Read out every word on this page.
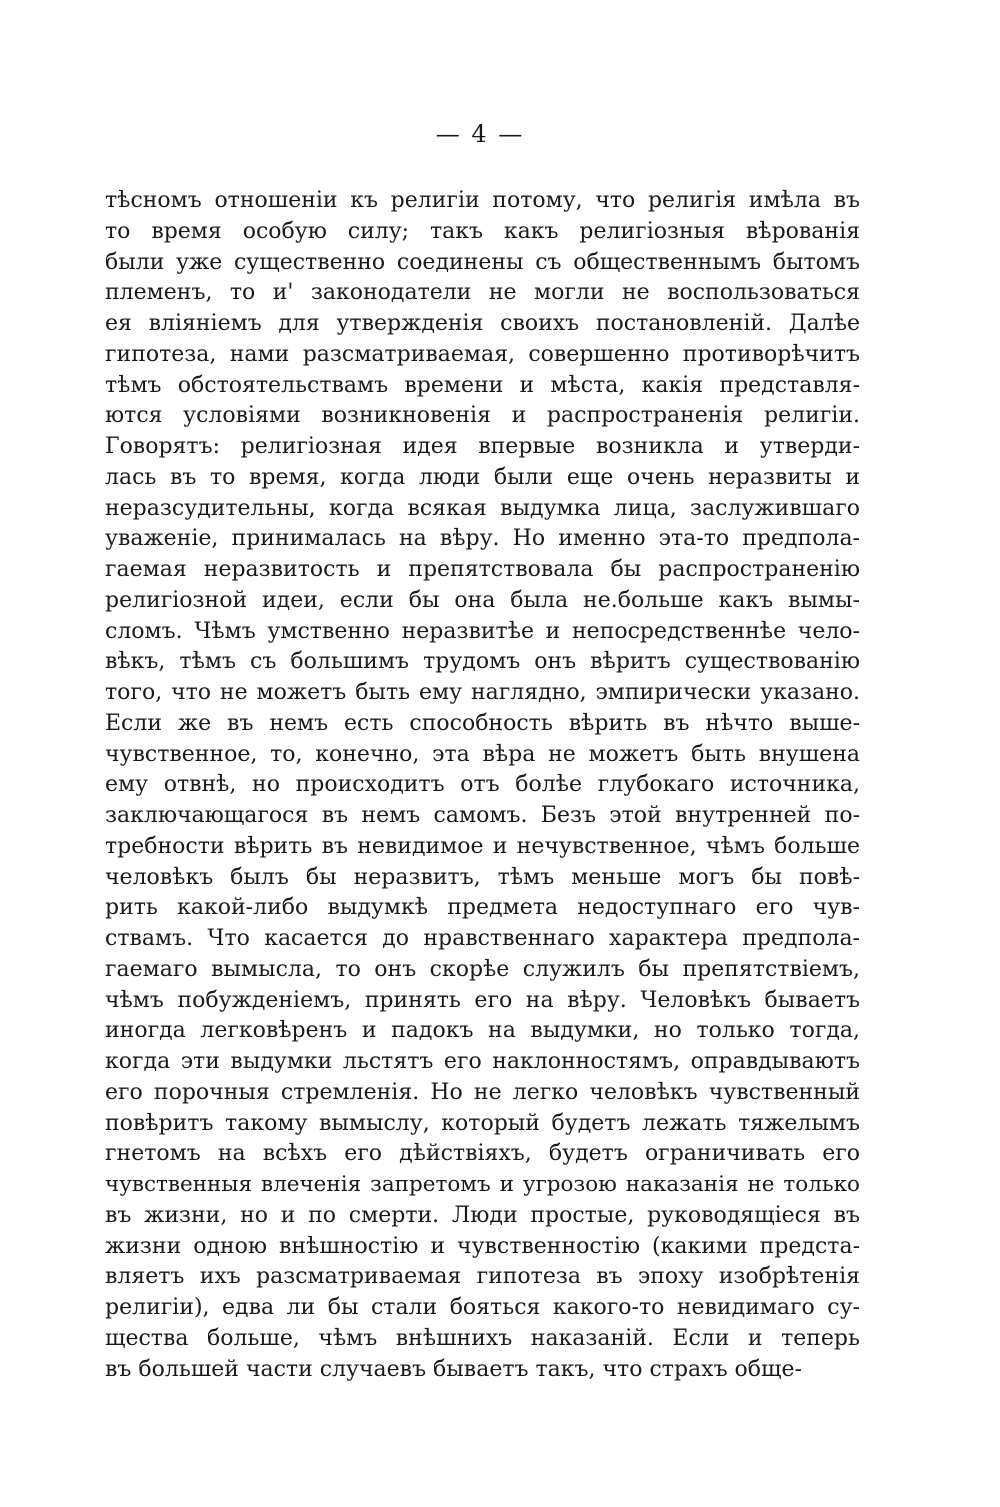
— 4 —
тѣсномъ отношенiи къ религiи потому, что религiя имѣла въ
то время особую силу; такъ какъ религiозныя вѣрованiя
были уже существенно соединены съ общественнымъ бытомъ
племенъ, то и' законодатели не могли не воспользоваться
ея влiянiемъ для утвержденiя своихъ постановленiй. Далѣе
гипотеза, нами разсматриваемая, совершенно противорѣчитъ
тѣмъ обстоятельствамъ времени и мѣста, какiя представля-
ются условiями возникновенiя и распространенiя религiи.
Говорятъ: религiозная идея впервые возникла и утверди-
лась въ то время, когда люди были еще очень неразвиты и
неразсудительны, когда всякая выдумка лица, заслужившаго
уваженiе, принималась на вѣру. Но именно эта-то предпола-
гаемая неразвитость и препятствовала бы распространенiю
религiозной идеи, если бы она была не.больше какъ вымы-
сломъ. Чѣмъ умственно неразвитѣе и непосредственнѣе чело-
вѣкъ, тѣмъ съ большимъ трудомъ онъ вѣритъ существованiю
того, что не можетъ быть ему наглядно, эмпирически указано.
Если же въ немъ есть способность вѣрить въ нѣчто выше-
чувственное, то, конечно, эта вѣра не можетъ быть внушена
ему отвнѣ, но происходитъ отъ болѣе глубокаго источника,
заключающагося въ немъ самомъ. Безъ этой внутренней по-
требности вѣрить въ невидимое и нечувственное, чѣмъ больше
человѣкъ былъ бы неразвитъ, тѣмъ меньше могъ бы повѣ-
рить какой-либо выдумкѣ предмета недоступнаго его чув-
ствамъ. Что касается до нравственнаго характера предпола-
гаемаго вымысла, то онъ скорѣе служилъ бы препятствiемъ,
чѣмъ побужденiемъ, принять его на вѣру. Человѣкъ бываетъ
иногда легковѣренъ и падокъ на выдумки, но только тогда,
когда эти выдумки льстятъ его наклонностямъ, оправдываютъ
его порочныя стремленiя. Но не легко человѣкъ чувственный
повѣритъ такому вымыслу, который будетъ лежать тяжелымъ
гнетомъ на всѣхъ его дѣйствiяхъ, будетъ ограничивать его
чувственныя влеченiя запретомъ и угрозою наказанiя не только
въ жизни, но и по смерти. Люди простые, руководящiеся въ
жизни одною внѣшностiю и чувственностiю (какими предста-
вляетъ ихъ разсматриваемая гипотеза въ эпоху изобрѣтенiя
религiи), едва ли бы стали бояться какого-то невидимаго су-
щества больше, чѣмъ внѣшнихъ наказанiй. Если и теперь
въ большей части случаевъ бываетъ такъ, что страхъ обще-
